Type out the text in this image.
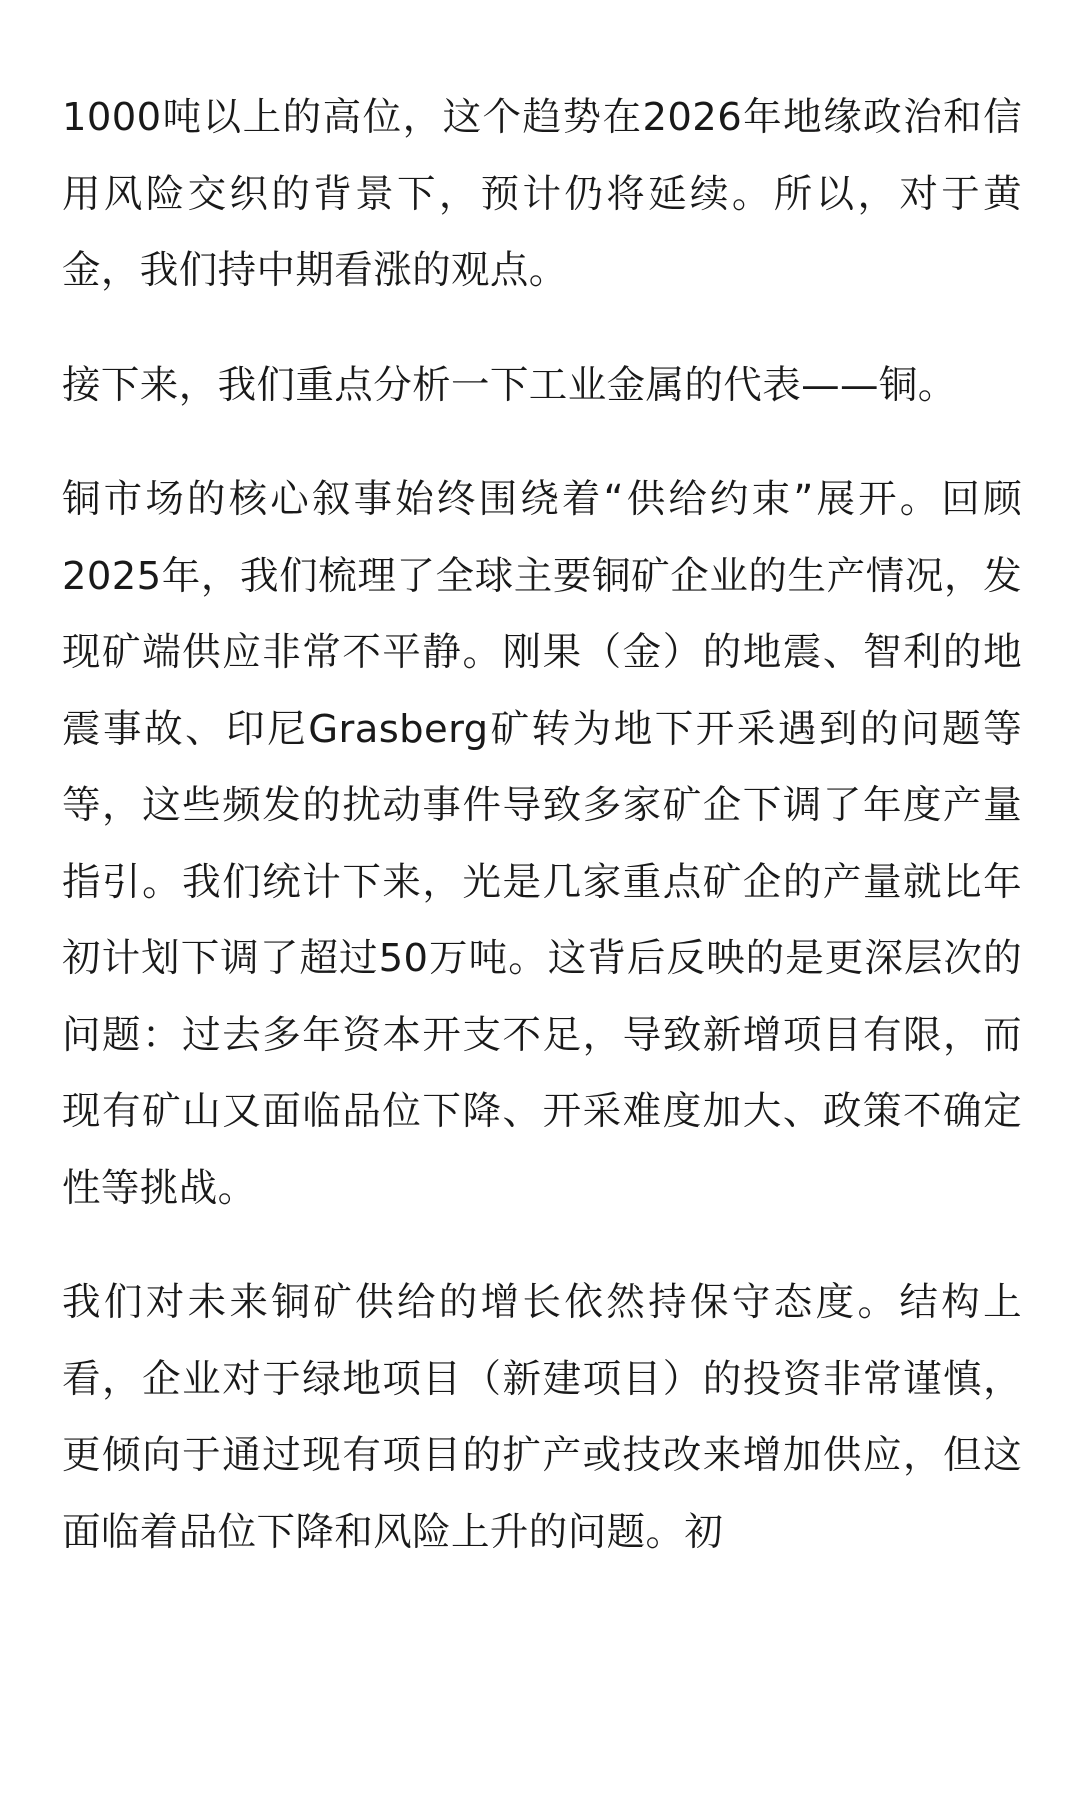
1000吨以上的高位，这个趋势在2026年地缘政治和信用风险交织的背景下，预计仍将延续。所以，对于黄金，我们持中期看涨的观点。

接下来，我们重点分析一下工业金属的代表——铜。

铜市场的核心叙事始终围绕着“供给约束”展开。回顾2025年，我们梳理了全球主要铜矿企业的生产情况，发现矿端供应非常不平静。刚果（金）的地震、智利的地震事故、印尼Grasberg矿转为地下开采遇到的问题等等，这些频发的扰动事件导致多家矿企下调了年度产量指引。我们统计下来，光是几家重点矿企的产量就比年初计划下调了超过50万吨。这背后反映的是更深层次的问题：过去多年资本开支不足，导致新增项目有限，而现有矿山又面临品位下降、开采难度加大、政策不确定性等挑战。

我们对未来铜矿供给的增长依然持保守态度。结构上看，企业对于绿地项目（新建项目）的投资非常谨慎，更倾向于通过现有项目的扩产或技改来增加供应，但这面临着品位下降和风险上升的问题。初
